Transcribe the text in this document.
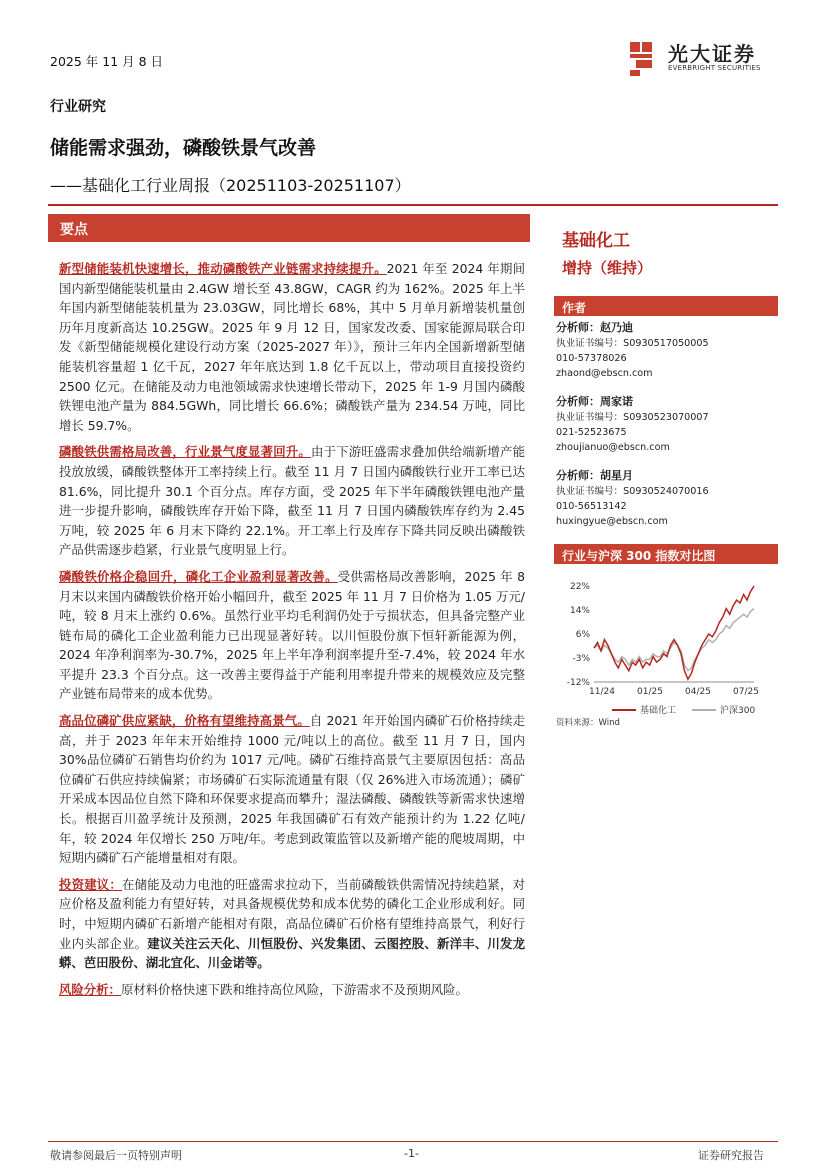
2025 年 11 月 8 日	光大证券
EVERBRIGHT SECURITIES
行业研究
储能需求强劲，磷酸铁景气改善
——基础化工行业周报（20251103-20251107）
要点

新型储能装机快速增长，推动磷酸铁产业链需求持续提升。2021 年至 2024 年期间国内新型储能装机量由 2.4GW 增长至 43.8GW，CAGR 约为 162%。2025 年上半年国内新型储能装机量为 23.03GW，同比增长 68%，其中 5 月单月新增装机量创历年月度新高达 10.25GW。2025 年 9 月 12 日，国家发改委、国家能源局联合印发《新型储能规模化建设行动方案（2025-2027 年）》，预计三年内全国新增新型储能装机容量超 1 亿千瓦，2027 年年底达到 1.8 亿千瓦以上，带动项目直接投资约 2500 亿元。在储能及动力电池领域需求快速增长带动下，2025 年 1-9 月国内磷酸铁锂电池产量为 884.5GWh，同比增长 66.6%；磷酸铁产量为 234.54 万吨，同比增长 59.7%。

磷酸铁供需格局改善，行业景气度显著回升。由于下游旺盛需求叠加供给端新增产能投放放缓，磷酸铁整体开工率持续上行。截至 11 月 7 日国内磷酸铁行业开工率已达 81.6%，同比提升 30.1 个百分点。库存方面，受 2025 年下半年磷酸铁锂电池产量进一步提升影响，磷酸铁库存开始下降，截至 11 月 7 日国内磷酸铁库存约为 2.45 万吨，较 2025 年 6 月末下降约 22.1%。开工率上行及库存下降共同反映出磷酸铁产品供需逐步趋紧，行业景气度明显上行。

磷酸铁价格企稳回升，磷化工企业盈利显著改善。受供需格局改善影响，2025 年 8 月末以来国内磷酸铁价格开始小幅回升，截至 2025 年 11 月 7 日价格为 1.05 万元/吨，较 8 月末上涨约 0.6%。虽然行业平均毛利润仍处于亏损状态，但具备完整产业链布局的磷化工企业盈利能力已出现显著好转。以川恒股份旗下恒轩新能源为例，2024 年净利润率为-30.7%，2025 年上半年净利润率提升至-7.4%，较 2024 年水平提升 23.3 个百分点。这一改善主要得益于产能利用率提升带来的规模效应及完整产业链布局带来的成本优势。

高品位磷矿供应紧缺，价格有望维持高景气。自 2021 年开始国内磷矿石价格持续走高，并于 2023 年年末开始维持 1000 元/吨以上的高位。截至 11 月 7 日，国内 30%品位磷矿石销售均价约为 1017 元/吨。磷矿石维持高景气主要原因包括：高品位磷矿石供应持续偏紧；市场磷矿石实际流通量有限（仅 26%进入市场流通）；磷矿开采成本因品位自然下降和环保要求提高而攀升；湿法磷酸、磷酸铁等新需求快速增长。根据百川盈孚统计及预测，2025 年我国磷矿石有效产能预计约为 1.22 亿吨/年，较 2024 年仅增长 250 万吨/年。考虑到政策监管以及新增产能的爬坡周期，中短期内磷矿石产能增量相对有限。

投资建议：在储能及动力电池的旺盛需求拉动下，当前磷酸铁供需情况持续趋紧，对应价格及盈利能力有望好转，对具备规模优势和成本优势的磷化工企业形成利好。同时，中短期内磷矿石新增产能相对有限，高品位磷矿石价格有望维持高景气，利好行业内头部企业。建议关注云天化、川恒股份、兴发集团、云图控股、新洋丰、川发龙蟒、芭田股份、湖北宜化、川金诺等。

风险分析：原材料价格快速下跌和维持高位风险，下游需求不及预期风险。

基础化工
增持（维持）
作者
分析师：赵乃迪
执业证书编号：S0930517050005
010-57378026
zhaond@ebscn.com
分析师：周家诺
执业证书编号：S0930523070007
021-52523675
zhoujianuo@ebscn.com
分析师：胡星月
执业证书编号：S0930524070016
010-56513142
huxingyue@ebscn.com
行业与沪深 300 指数对比图
22%
14%
6%
-3%
-12%
11/24 01/25 04/25 07/25
基础化工	沪深300
资料来源：Wind
敬请参阅最后一页特别声明	-1-	证券研究报告
